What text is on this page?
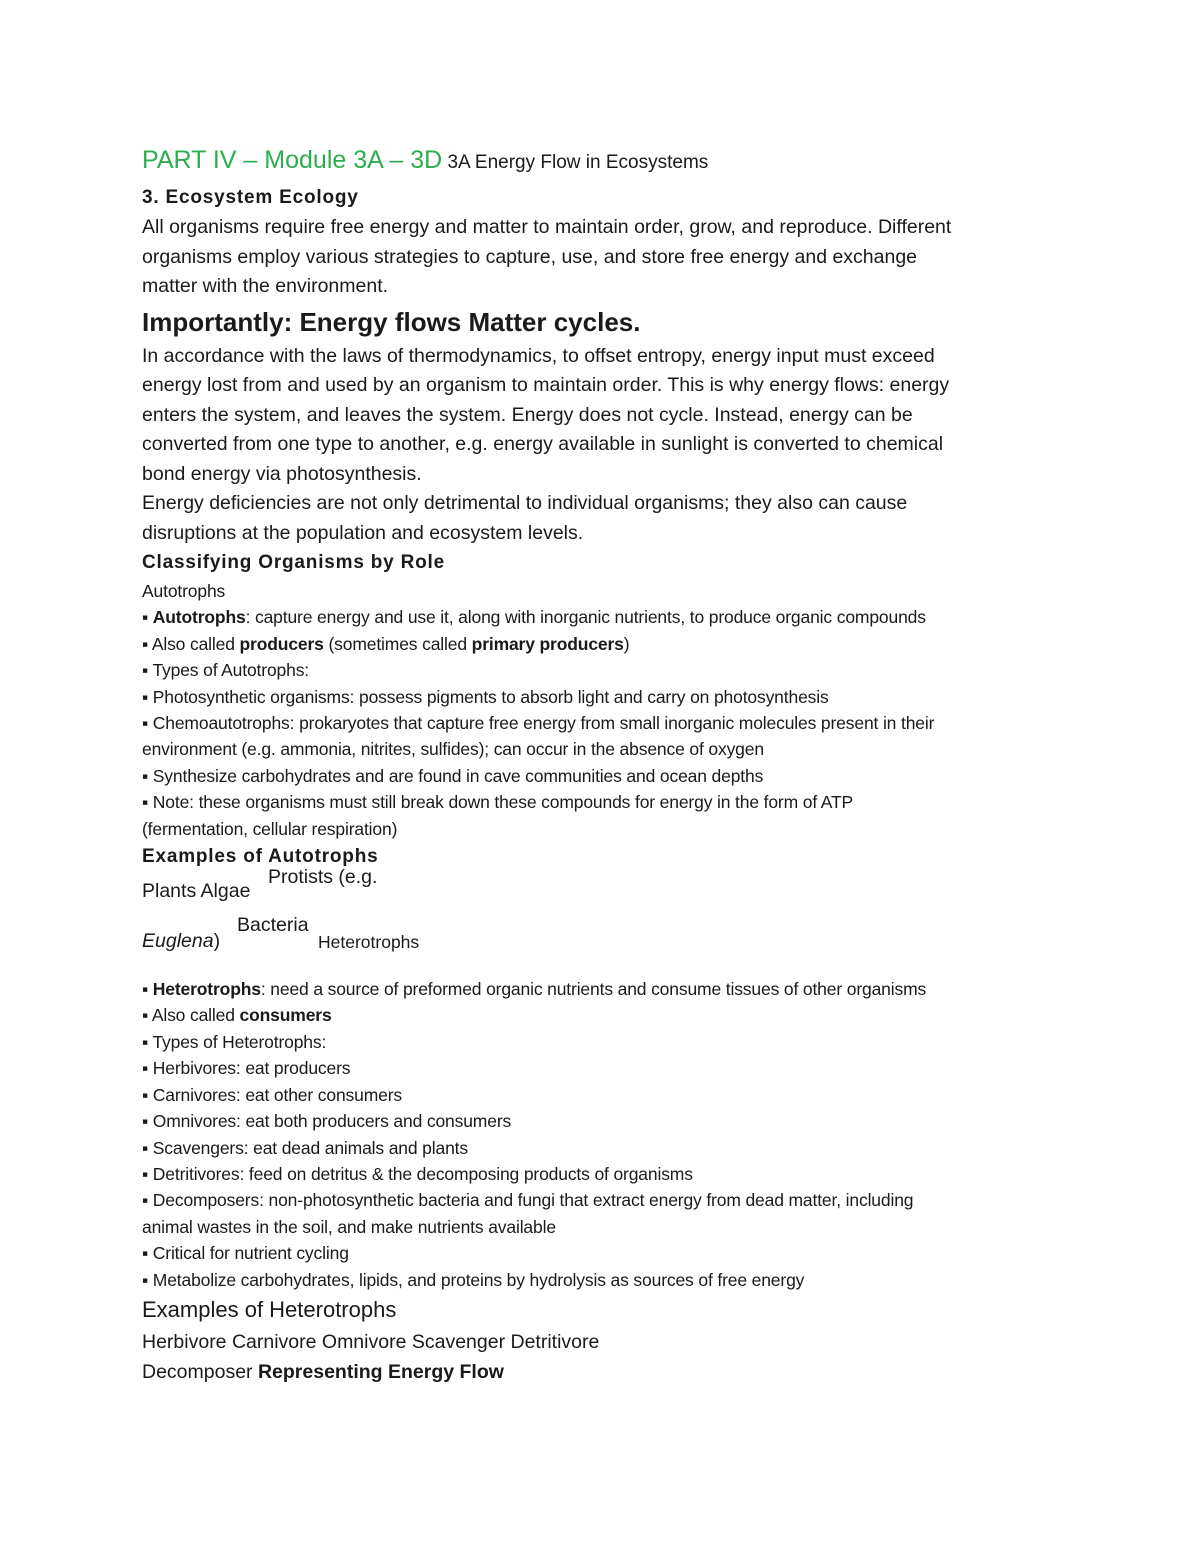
PART IV – Module 3A – 3D 3A Energy Flow in Ecosystems
3. Ecosystem Ecology
All organisms require free energy and matter to maintain order, grow, and reproduce. Different
organisms employ various strategies to capture, use, and store free energy and exchange
matter with the environment.
Importantly: Energy flows Matter cycles.
In accordance with the laws of thermodynamics, to offset entropy, energy input must exceed
energy lost from and used by an organism to maintain order. This is why energy flows: energy
enters the system, and leaves the system. Energy does not cycle. Instead, energy can be
converted from one type to another, e.g. energy available in sunlight is converted to chemical
bond energy via photosynthesis.
Energy deficiencies are not only detrimental to individual organisms; they also can cause
disruptions at the population and ecosystem levels.
Classifying Organisms by Role
Autotrophs
▪ Autotrophs: capture energy and use it, along with inorganic nutrients, to produce organic compounds
▪ Also called producers (sometimes called primary producers)
▪ Types of Autotrophs:
▪ Photosynthetic organisms: possess pigments to absorb light and carry on photosynthesis
▪ Chemoautotrophs: prokaryotes that capture free energy from small inorganic molecules present in their
environment (e.g. ammonia, nitrites, sulfides); can occur in the absence of oxygen
▪ Synthesize carbohydrates and are found in cave communities and ocean depths
▪ Note: these organisms must still break down these compounds for energy in the form of ATP
(fermentation, cellular respiration)
Examples of Autotrophs
Plants Algae
Protists (e.g.
Euglena)
Bacteria
Heterotrophs
▪ Heterotrophs: need a source of preformed organic nutrients and consume tissues of other organisms
▪ Also called consumers
▪ Types of Heterotrophs:
▪ Herbivores: eat producers
▪ Carnivores: eat other consumers
▪ Omnivores: eat both producers and consumers
▪ Scavengers: eat dead animals and plants
▪ Detritivores: feed on detritus & the decomposing products of organisms
▪ Decomposers: non-photosynthetic bacteria and fungi that extract energy from dead matter, including
animal wastes in the soil, and make nutrients available
▪ Critical for nutrient cycling
▪ Metabolize carbohydrates, lipids, and proteins by hydrolysis as sources of free energy
Examples of Heterotrophs
Herbivore Carnivore Omnivore Scavenger Detritivore
Decomposer Representing Energy Flow
